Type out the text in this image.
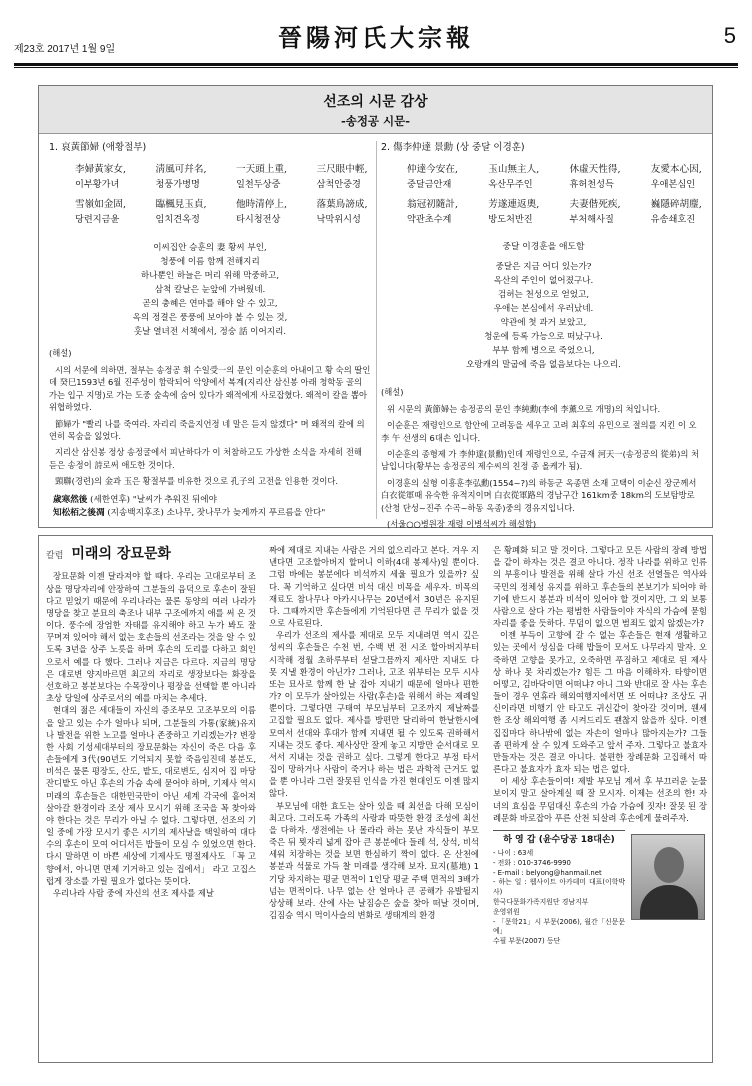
제23호 2017년 1월 9일	晉陽河氏大宗報	5
선조의 시문 감상
-송정공 시문-
1. 哀黃節婦 (애황절부)
李婦黃家女,	淸風可幷名,	一天頭上重,	三尺眼中輕,
이부황가녀	청풍가병명	일천두상중	삼척안중경
雪嶺如金固,	臨楓見玉貞,	他時清停上,	落葉鳥謗成,
당련지금윤	임치견옥정	타시청전상	낙막위시성
이씨집안 승훈의 妻 황씨 부인,
청풍에 이름 함께 전해지리
하나뿐인 하늘은 머리 위해 막중하고,
삼척 칼날은 눈앞에 가벼웠네.
곧의 충혜은 연마를 해야 알 수 있고,
옥의 정결은 풍풍에 보아야 볼 수 있는 것,
훗날 열녀전 서책에서, 정숭 話 이어지리.

(해설)

시의 서문에 의하면, 절부는 송정공 휘 수일受一의 문인 이순훈의 아내이고 황 숙의 딸인데 癸巳1593년 6월 진주성이 함락되어 악양에서 복계(지리산 삼신봉 아래 청학동 골의 가는 입구 지명)로 가는 도중 숲속에 숨어 있다가 왜적에게 사로잡혔다. 왜적이 칼을 뽑아 위협하였다.

節婦가 "빨리 나를 죽여라. 자리리 죽을지언정 네 말은 듣지 않겠다" 며 왜적의 칼에 의연히 목숨을 잃었다.

지리산 삼신봉 정상 송정굴에서 피난하다가 이 처참하고도 가상한 소식을 자세히 전해 듣은 송정이 詩로써 애도한 것이다.

頸聯(경련)의 金과 玉은 황절부를 비유한 것으로 孔子의 고전을 인용한 것이다.

歲寒然後 (세한연후) "날씨가 추워진 뒤에야
知松栢之後凋 (지송백지후조) 소나무, 잣나무가 늦게까지 푸르름을 안다"
2. 傷李仲達 景勳 (상 중달 이경훈)
仲達今安在,	玉山無主人,	休虛天性得,	友愛本心因,
중달금안재	옥산무주인	휴허천성득	우애본심인
翁冠初隨計,	芳遂連返奧,	夫妻偕死疾,	巍隱碎胡麈,
약관초수계	방도처반진	부처해사질	유송쇄호진
중달 이경훈을 애도함
중달은 지금 어디 있는가?
옥산의 주인이 없어졌구나.
검허는 천성으로 얻었고,
우애는 본심에서 우러났네.
약관에 첫 과거 보았고,
청운에 등록 가능으로 떠났구나.
부부 함께 병으로 죽었으니,
오랑캐의 말굽에 죽음 없음보다는 나으리.

(해설)

위 시문의 黃節婦는 송정공의 문인 李純勳(李에 李薰으로 개명)의 처입니다.

이순훈은 재령인으로 함안에 고려동을 세우고 고려 최후의 유민으로 절의를 지킨 이 오 李 午 선생의 6대손 입니다.

이순훈의 종형제 가 李仲達(景勳)인데 재령인으로, 수금재 河天一(송정공의 從弟)의 처남입니다(황부는 송정공의 제수씨의 친정 종 올케가 됨).

이경훈의 실형 이흥훈李弘勳(1554~?)의 하동군 옥종면 소재 고택이 이순신 장군께서 白衣從軍때 유숙한 유적지이며 白衣從軍路의 경남구간 161km중 18km의 도보탐방로 (산청 단성~진주 수곡~하동 옥종)중의 경유지입니다.

(서울○○병원장 재령 이병석씨가 해설함)

칼럼 미래의 장묘문화

장묘문화 이젠 달라져야 할 때다. 우리는 고대로부터 조상을 명당자리에 안장하여 그분들의 음덕으로 후손이 잘된다고 믿었기 때문에 우리나라는 물론 동양의 여러 나라가 명당을 찾고 분묘의 축조나 내부 구조에까지 애를 써 온 것이다. 풍수에 장엄한 자태를 유지해야 하고 누가 봐도 잘 꾸며져 있어야 해서 없는 호손들의 선조라는 것을 알 수 있도록 3년을 상주 노릇을 하며 후손의 도리를 다하고 회인으로서 예를 다 했다. 그러나 지금은 다르다. 지금의 명당은 대로변 양지바르면 최고의 자리로 생장보다는 화장을 선호하고 봉분보다는 수목장이나 평장을 선택할 뿐 아니라 초상 당일에 상주로서의 예를 마치는 추세다.

현대의 젊은 세대들이 자신의 증조부모 고조부모의 이름을 알고 있는 수가 얼마나 되며, 그분들의 가통(家統)유지나 발전을 위한 노고를 얼마나 존중하고 기리겠는가? 변장한 사회 기성세대부터의 장묘문화는 자신이 죽은 다음 후손들에게 3代(90년도 기억되지 못할 죽음임진데 봉분도, 비석은 물론 평장도, 산도, 밭도, 대로변도, 심지어 집 마당 잔디밭도 아닌 후손의 가슴 속에 묻어야 하며, 기제사 역시 미래의 후손들은 대한민국만이 아닌 세계 각국에 흩어져 살아갈 환경이라 조상 제사 모시기 위해 조국을 꼭 찾아와야 한다는 것은 무리가 아닐 수 없다. 그렇다면, 선조의 기일 중에 가장 모시기 좋은 시기의 제사날을 택일하여 대다수의 후손이 모여 어디서든 밥들이 모심 수 있었으면 한다. 다시 말하면 이 바쁜 세상에 기제사도 명절제사도 「꼭 고향에서, 아니면 면제 기거하고 있는 집에서」 라고 고집스럽게 장소를 가릴 필요가 없다는 뜻이다.

우리나라 사람 중에 자신의 선조 제사를 제날

짜에 제대로 지내는 사람은 거의 없으리라고 본다. 겨우 지낸다면 고조할아버지 할머니 이하(4대 봉제사)일 뿐이다. 그럼 바에는 봉분에다 비석까지 세울 필요가 있을까? 싶다. 꼭 기억하고 싶다면 비석 대신 비목을 세우자. 비목의 재료도 참나무나 아카시나무는 20년에서 30년은 유지된다. 그때까지만 후손들에게 기억된다면 큰 무리가 없을 것으로 사료된다.

우리가 선조의 제사를 제대로 모두 지내려면 역시 깊은 성씨의 후손들은 수천 번, 수백 번 전 시조 할아버지부터 시작해 정월 초하루부터 섣달그믐까지 제사만 지내도 다 못 지낼 환경이 아닌가? 그러나, 고조 위부터는 모두 시사 또는 묘사로 함께 한 날 잡아 지내기 때문에 얼마나 편한가? 이 모두가 살아있는 사람(후손)을 위해서 하는 제례일 뿐이다. 그렇다면 구태여 부모님부터 고조까지 제날짜를 고집할 필요도 없다. 제사를 방편만 달리하여 한날한시에 모여서 선대와 후대가 함께 지내면 될 수 있도록 권하해서 지내는 것도 좋다. 제사상만 잘게 놓고 지방만 순서대로 모셔서 지내는 것을 권하고 싶다. 그렇게 한다고 부정 타서 집이 망하거나 사람이 죽거나 하는 법은 과학적 근거도 없을 뿐 아니라 그런 잘못된 인식을 가진 현대인도 이젠 많지 않다.

부모님에 대한 효도는 살아 있을 때 최선을 다해 모심이 최고다. 그러도록 가족의 사랑과 따뜻한 환경 조성에 최선을 다하자. 생전에는 나 몰라라 하는 못난 자식들이 부모 죽은 뒤 묏자리 넓게 잡아 큰 봉분에다 들레 석, 상석, 비석 세워 치장하는 것을 보면 한심하기 짝이 없다. 온 산천에 봉분과 석물로 가득 찰 미래를 생각해 보자. 묘지(墓地) 1기당 차지하는 평균 면적이 1인당 평균 주택 면적의 3배가 넘는 면적이다. 나무 없는 산 얼마나 큰 공해가 유발될지 상상해 보라. 산에 사는 날짐승은 숲을 찾아 떠날 것이며, 김짐승 역시 먹이사슬의 변화로 생태계의 환경

은 황폐화 되고 말 것이다. 그렇다고 모든 사람의 장례 방법을 같이 하자는 것은 결코 아니다. 정작 나라를 위하고 인류의 부흥이나 발전을 위해 살다 가신 선조 선열들은 역사와 국민의 정체성 유지를 위하고 후손들의 본보기가 되어야 하기에 반드시 봉분과 비석이 있어야 할 것이지만, 그 외 보통사람으로 살다 가는 평범한 사람들이야 자식의 가슴에 묻힘 자리를 좋을 듯하다. 무덤이 없으면 범죄도 없지 않겠는가?

이젠 부득이 고향에 갈 수 없는 후손들은 현재 생활하고 있는 곳에서 성심을 다해 밥들이 모셔도 나무라지 말자. 오죽하면 고향을 못가고, 오죽하면 푸짐하고 제대로 된 제사상 하나 못 차리겠는가? 힘든 그 마음 이해하자. 타향이면 어떻고, 김바닥이면 어떠냐? 아니 그와 반대로 잘 사는 후손들이 경우 연휴라 해외여행지에서면 또 어떠냐? 조상도 귀신이라면 비행기 안 타고도 귀신같이 찾아갈 것이며, 웬세한 조상 해외여행 좀 시켜드리도 괜찮지 않을까 싶다. 이젠 집집마다 하나밖에 없는 자손이 얼마나 많아지는가? 그들 좀 편하게 살 수 있게 도와주고 앞서 주자. 그렇다고 불효자 만들자는 것은 결코 아니다. 불편한 장례문화 고집해서 따른다고 불효자가 효자 되는 법은 없다.

이 세상 후손들이여! 제발 부모님 계셔 후 부끄러운 눈물 보이지 말고 살아계실 때 잘 모시자. 이제는 선조의 한! 자녀의 효심을 무덤대신 후손의 가슴 가슴에 짓자! 잘못 된 장례문화 바로잡아 푸른 산천 되살려 후손에게 물려주자.

하 영 갑 (윤수당공 18대손)
- 나이 : 63세
- 전화 : 010-3746-9990
- E-mail : belyong@hanmail.net
- 하는 일 : 웹사이트 아카데미 대표(이학박사)
한국다문화가족지원단 경남지부
운영위원
- 「문학21」시 부문(2006), 월간「신문문예」
수필 부문(2007) 등단
